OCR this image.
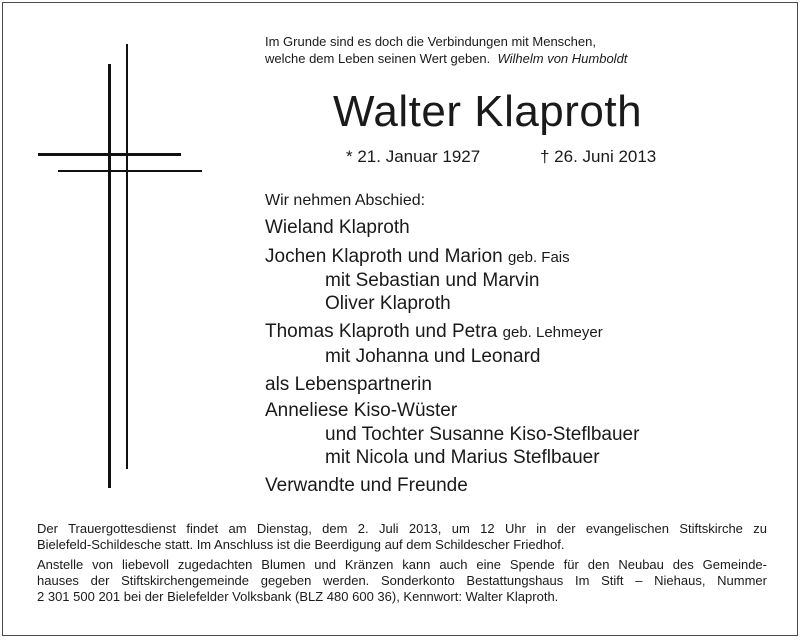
Im Grunde sind es doch die Verbindungen mit Menschen,
welche dem Leben seinen Wert geben. Wilhelm von Humboldt
Walter Klaproth
* 21. Januar 1927	† 26. Juni 2013
Wir nehmen Abschied:
Wieland Klaproth
Jochen Klaproth und Marion geb. Fais
mit Sebastian und Marvin
Oliver Klaproth
Thomas Klaproth und Petra geb. Lehmeyer
mit Johanna und Leonard
als Lebenspartnerin
Anneliese Kiso-Wüster
und Tochter Susanne Kiso-Steflbauer
mit Nicola und Marius Steflbauer
Verwandte und Freunde
Der Trauergottesdienst findet am Dienstag, dem 2. Juli 2013, um 12 Uhr in der evangelischen Stiftskirche zu
Bielefeld-Schildesche statt. Im Anschluss ist die Beerdigung auf dem Schildescher Friedhof.
Anstelle von liebevoll zugedachten Blumen und Kränzen kann auch eine Spende für den Neubau des Gemeinde-
hauses der Stiftskirchengemeinde gegeben werden. Sonderkonto Bestattungshaus Im Stift – Niehaus, Nummer
2 301 500 201 bei der Bielefelder Volksbank (BLZ 480 600 36), Kennwort: Walter Klaproth.
